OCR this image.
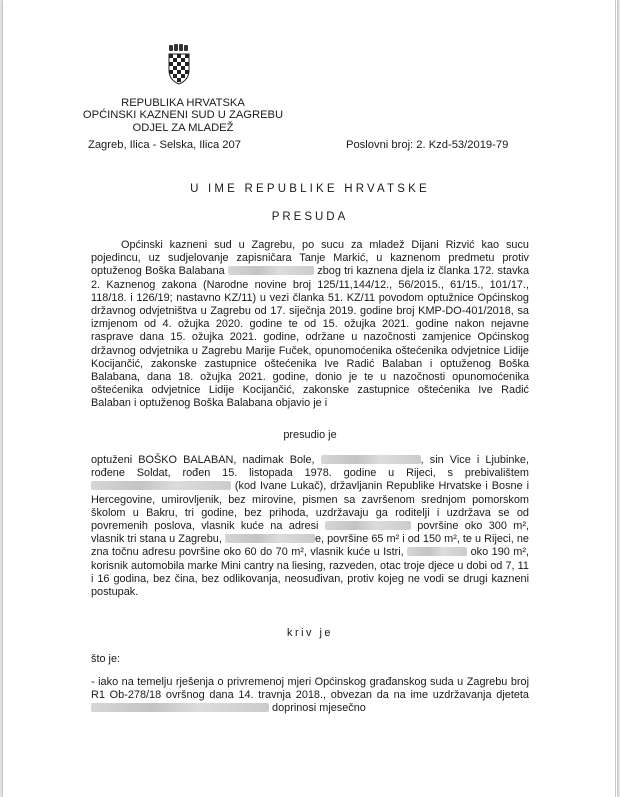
REPUBLIKA HRVATSKA
OPĆINSKI KAZNENI SUD U ZAGREBU
ODJEL ZA MLADEŽ
Zagreb, Ilica - Selska, Ilica 207	Poslovni broj: 2. Kzd-53/2019-79
U IME REPUBLIKE HRVATSKE
PRESUDA
Općinski kazneni sud u Zagrebu, po sucu za mladež Dijani Rizvić kao sucu pojedincu, uz sudjelovanje zapisničara Tanje Markić, u kaznenom predmetu protiv optuženog Boška Balabana	zbog tri kaznena djela iz članka 172. stavka 2. Kaznenog zakona (Narodne novine broj 125/11,144/12., 56/2015., 61/15., 101/17., 118/18. i 126/19; nastavno KZ/11) u vezi članka 51. KZ/11 povodom optužnice Općinskog državnog odvjetništva u Zagrebu od 17. siječnja 2019. godine broj KMP-DO-401/2018, sa izmjenom od 4. ožujka 2020. godine te od 15. ožujka 2021. godine nakon nejavne rasprave dana 15. ožujka 2021. godine, održane u nazočnosti zamjenice Općinskog državnog odvjetnika u Zagrebu Marije Fuček, opunomoćenika oštećenika odvjetnice Lidije Kocijančić, zakonske zastupnice oštećenika Ive Radić Balaban i optuženog Boška Balabana, dana 18. ožujka 2021. godine, donio je te u nazočnosti opunomoćenika oštećenika odvjetnice Lidije Kocijančić, zakonske zastupnice oštećenika Ive Radić Balaban i optuženog Boška Balabana objavio je i
presudio je
optuženi BOŠKO BALABAN, nadimak Bole,	, sin Vice i Ljubinke, rođene Soldat, rođen 15. listopada 1978. godine u Rijeci, s prebivalištem  (kod Ivane Lukač), državljanin Republike Hrvatske i Bosne i Hercegovine, umirovljenik, bez mirovine, pismen sa završenom srednjom pomorskom školom u Bakru, tri godine, bez prihoda, uzdržavaju ga roditelji i uzdržava se od povremenih poslova, vlasnik kuće na adresi	površine oko 300 m², vlasnik tri stana u Zagrebu,	e, površine 65 m² i od 150 m², te u Rijeci, ne zna točnu adresu površine oko 60 do 70 m², vlasnik kuće u Istri,	oko 190 m², korisnik automobila marke Mini cantry na liesing, razveden, otac troje djece u dobi od 7, 11 i 16 godina, bez čina, bez odlikovanja, neosuđivan, protiv kojeg ne vodi se drugi kazneni postupak.
kriv je
što je:
- iako na temelju rješenja o privremenoj mjeri Općinskog građanskog suda u Zagrebu broj R1 Ob-278/18 ovršnog dana 14. travnja 2018., obvezan da na ime uzdržavanja djeteta  doprinosi mjesečno
